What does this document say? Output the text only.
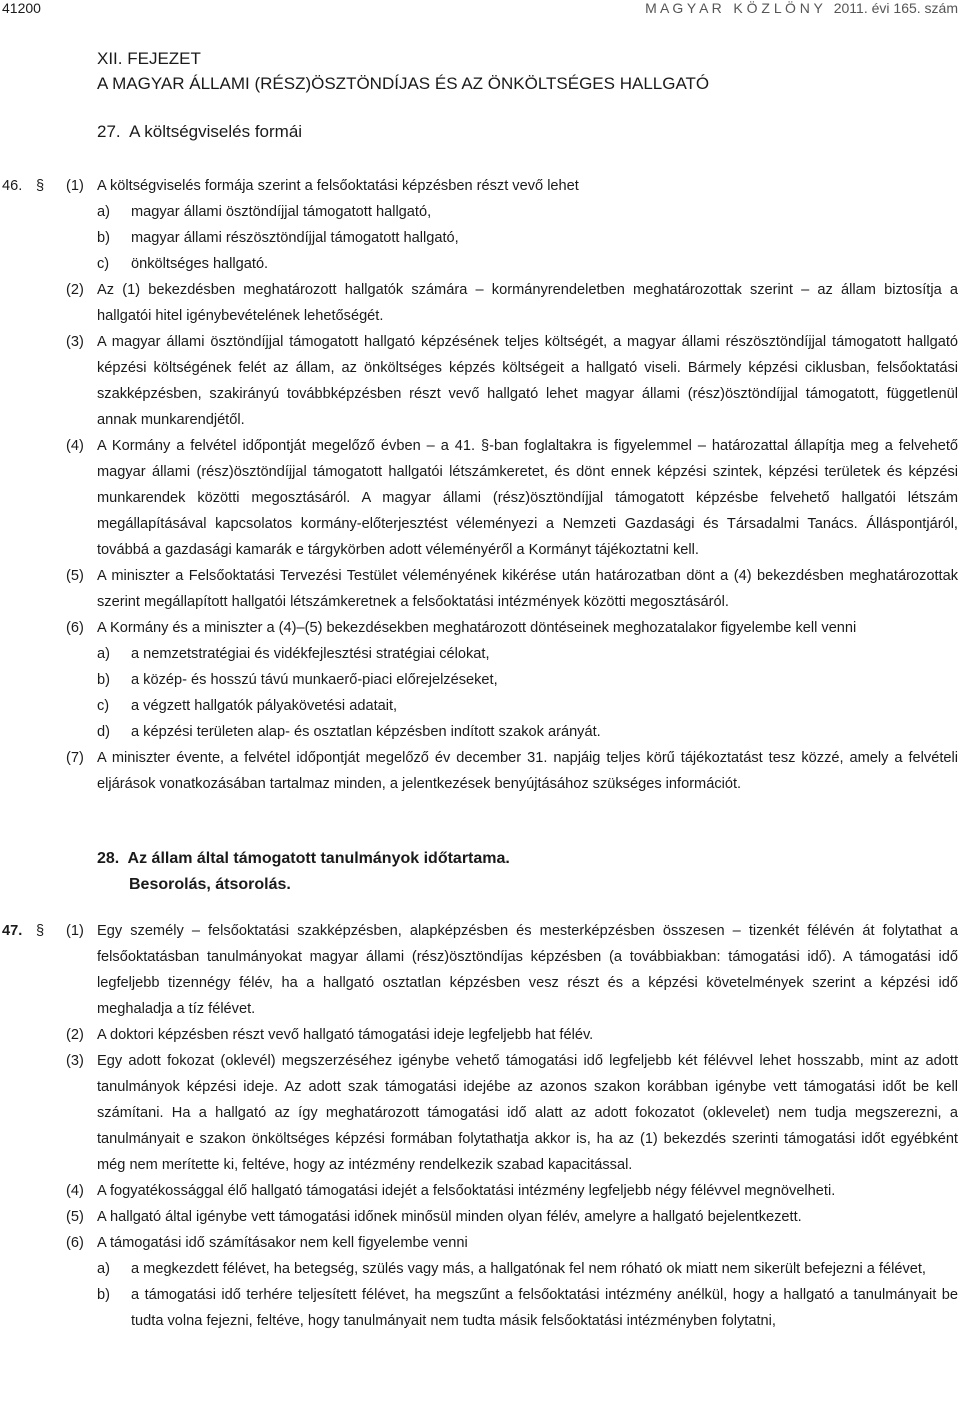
41200	M A G Y A R   K Ö Z L Ö N Y 2011. évi 165. szám
XII. FEJEZET
A MAGYAR ÁLLAMI (RÉSZ)ÖSZTÖNDÍJAS ÉS AZ ÖNKÖLTSÉGES HALLGATÓ
27.  A költségviselés formái
46. § (1) A költségviselés formája szerint a felsőoktatási képzésben részt vevő lehet
a) magyar állami ösztöndíjjal támogatott hallgató,
b) magyar állami részösztöndíjjal támogatott hallgató,
c) önköltséges hallgató.
(2) Az (1) bekezdésben meghatározott hallgatók számára – kormányrendeletben meghatározottak szerint – az állam biztosítja a hallgatói hitel igénybevételének lehetőségét.
(3) A magyar állami ösztöndíjjal támogatott hallgató képzésének teljes költségét, a magyar állami részösztöndíjjal támogatott hallgató képzési költségének felét az állam, az önköltséges képzés költségeit a hallgató viseli. Bármely képzési ciklusban, felsőoktatási szakképzésben, szakirányú továbbképzésben részt vevő hallgató lehet magyar állami (rész)ösztöndíjjal támogatott, függetlenül annak munkarendjétől.
(4) A Kormány a felvétel időpontját megelőző évben – a 41. §-ban foglaltakra is figyelemmel – határozattal állapítja meg a felvehető magyar állami (rész)ösztöndíjjal támogatott hallgatói létszámkeretet, és dönt ennek képzési szintek, képzési területek és képzési munkarendek közötti megosztásáról. A magyar állami (rész)ösztöndíjjal támogatott képzésbe felvehető hallgatói létszám megállapításával kapcsolatos kormány-előterjesztést véleményezi a Nemzeti Gazdasági és Társadalmi Tanács. Álláspontjáról, továbbá a gazdasági kamarák e tárgykörben adott véleményéről a Kormányt tájékoztatni kell.
(5) A miniszter a Felsőoktatási Tervezési Testület véleményének kikérése után határozatban dönt a (4) bekezdésben meghatározottak szerint megállapított hallgatói létszámkeretnek a felsőoktatási intézmények közötti megosztásáról.
(6) A Kormány és a miniszter a (4)–(5) bekezdésekben meghatározott döntéseinek meghozatalakor figyelembe kell venni
a) a nemzetstratégiai és vidékfejlesztési stratégiai célokat,
b) a közép- és hosszú távú munkaerő-piaci előrejelzéseket,
c) a végzett hallgatók pályakövetési adatait,
d) a képzési területen alap- és osztatlan képzésben indított szakok arányát.
(7) A miniszter évente, a felvétel időpontját megelőző év december 31. napjáig teljes körű tájékoztatást tesz közzé, amely a felvételi eljárások vonatkozásában tartalmaz minden, a jelentkezések benyújtásához szükséges információt.
28.  Az állam által támogatott tanulmányok időtartama.
Besorolás, átsorolás.
47. § (1) Egy személy – felsőoktatási szakképzésben, alapképzésben és mesterképzésben összesen – tizenkét félévén át folytathat a felsőoktatásban tanulmányokat magyar állami (rész)ösztöndíjas képzésben (a továbbiakban: támogatási idő). A támogatási idő legfeljebb tizennégy félév, ha a hallgató osztatlan képzésben vesz részt és a képzési követelmények szerint a képzési idő meghaladja a tíz félévet.
(2) A doktori képzésben részt vevő hallgató támogatási ideje legfeljebb hat félév.
(3) Egy adott fokozat (oklevél) megszerzéséhez igénybe vehető támogatási idő legfeljebb két félévvel lehet hosszabb, mint az adott tanulmányok képzési ideje. Az adott szak támogatási idejébe az azonos szakon korábban igénybe vett támogatási időt be kell számítani. Ha a hallgató az így meghatározott támogatási idő alatt az adott fokozatot (oklevelet) nem tudja megszerezni, a tanulmányait e szakon önköltséges képzési formában folytathatja akkor is, ha az (1) bekezdés szerinti támogatási időt egyébként még nem merítette ki, feltéve, hogy az intézmény rendelkezik szabad kapacitással.
(4) A fogyatékossággal élő hallgató támogatási idejét a felsőoktatási intézmény legfeljebb négy félévvel megnövelheti.
(5) A hallgató által igénybe vett támogatási időnek minősül minden olyan félév, amelyre a hallgató bejelentkezett.
(6) A támogatási idő számításakor nem kell figyelembe venni
a) a megkezdett félévet, ha betegség, szülés vagy más, a hallgatónak fel nem róható ok miatt nem sikerült befejezni a félévet,
b) a támogatási idő terhére teljesített félévet, ha megszűnt a felsőoktatási intézmény anélkül, hogy a hallgató a tanulmányait be tudta volna fejezni, feltéve, hogy tanulmányait nem tudta másik felsőoktatási intézményben folytatni,
